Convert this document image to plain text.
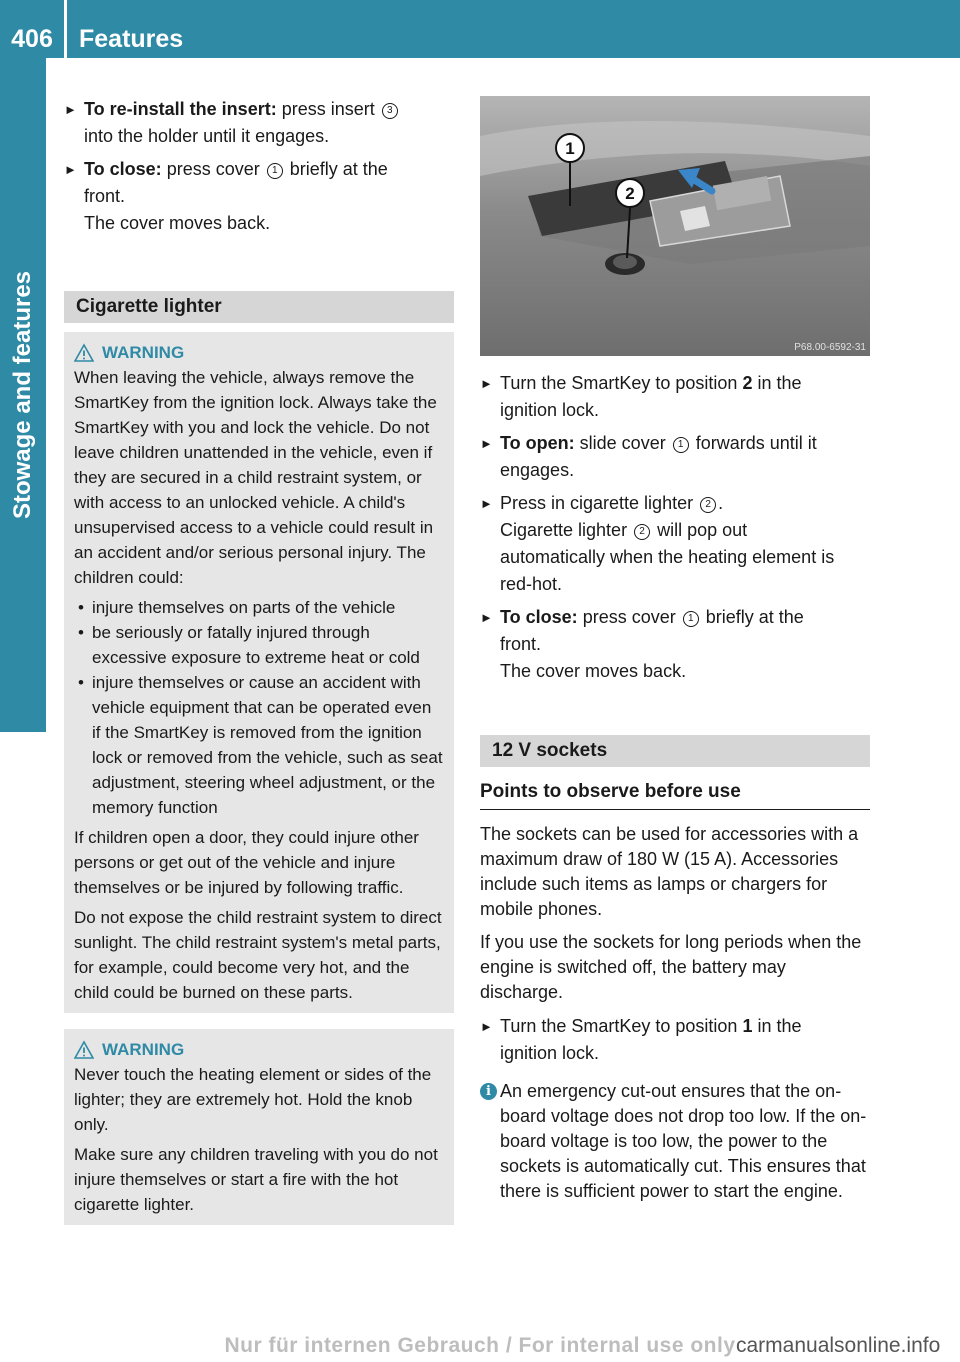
406	Features
Stowage and features
► To re-install the insert: press insert 3
into the holder until it engages.
► To close: press cover 1 briefly at the
front.
The cover moves back.
Cigarette lighter
WARNING

When leaving the vehicle, always remove the SmartKey from the ignition lock. Always take the SmartKey with you and lock the vehicle. Do not leave children unattended in the vehicle, even if they are secured in a child restraint system, or with access to an unlocked vehicle. A child's unsupervised access to a vehicle could result in an accident and/or serious personal injury. The children could:

• injure themselves on parts of the vehicle
• be seriously or fatally injured through excessive exposure to extreme heat or cold
• injure themselves or cause an accident with vehicle equipment that can be operated even if the SmartKey is removed from the ignition lock or removed from the vehicle, such as seat adjustment, steering wheel adjustment, or the memory function

If children open a door, they could injure other persons or get out of the vehicle and injure themselves or be injured by following traffic.

Do not expose the child restraint system to direct sunlight. The child restraint system's metal parts, for example, could become very hot, and the child could be burned on these parts.

WARNING

Never touch the heating element or sides of the lighter; they are extremely hot. Hold the knob only.

Make sure any children traveling with you do not injure themselves or start a fire with the hot cigarette lighter.

1
2
P68.00-6592-31
► Turn the SmartKey to position 2 in the
ignition lock.
► To open: slide cover 1 forwards until it
engages.
► Press in cigarette lighter 2 .
Cigarette lighter 2 will pop out
automatically when the heating element is
red-hot.
► To close: press cover 1 briefly at the
front.
The cover moves back.
12 V sockets
Points to observe before use

The sockets can be used for accessories with a maximum draw of 180 W (15 A). Accessories include such items as lamps or chargers for mobile phones.

If you use the sockets for long periods when the engine is switched off, the battery may discharge.

► Turn the SmartKey to position 1 in the
ignition lock.
i An emergency cut-out ensures that the on-board voltage does not drop too low. If the on-board voltage is too low, the power to the sockets is automatically cut. This ensures that there is sufficient power to start the engine.
Nur für internen Gebrauch / For internal use only carmanualsonline.info
